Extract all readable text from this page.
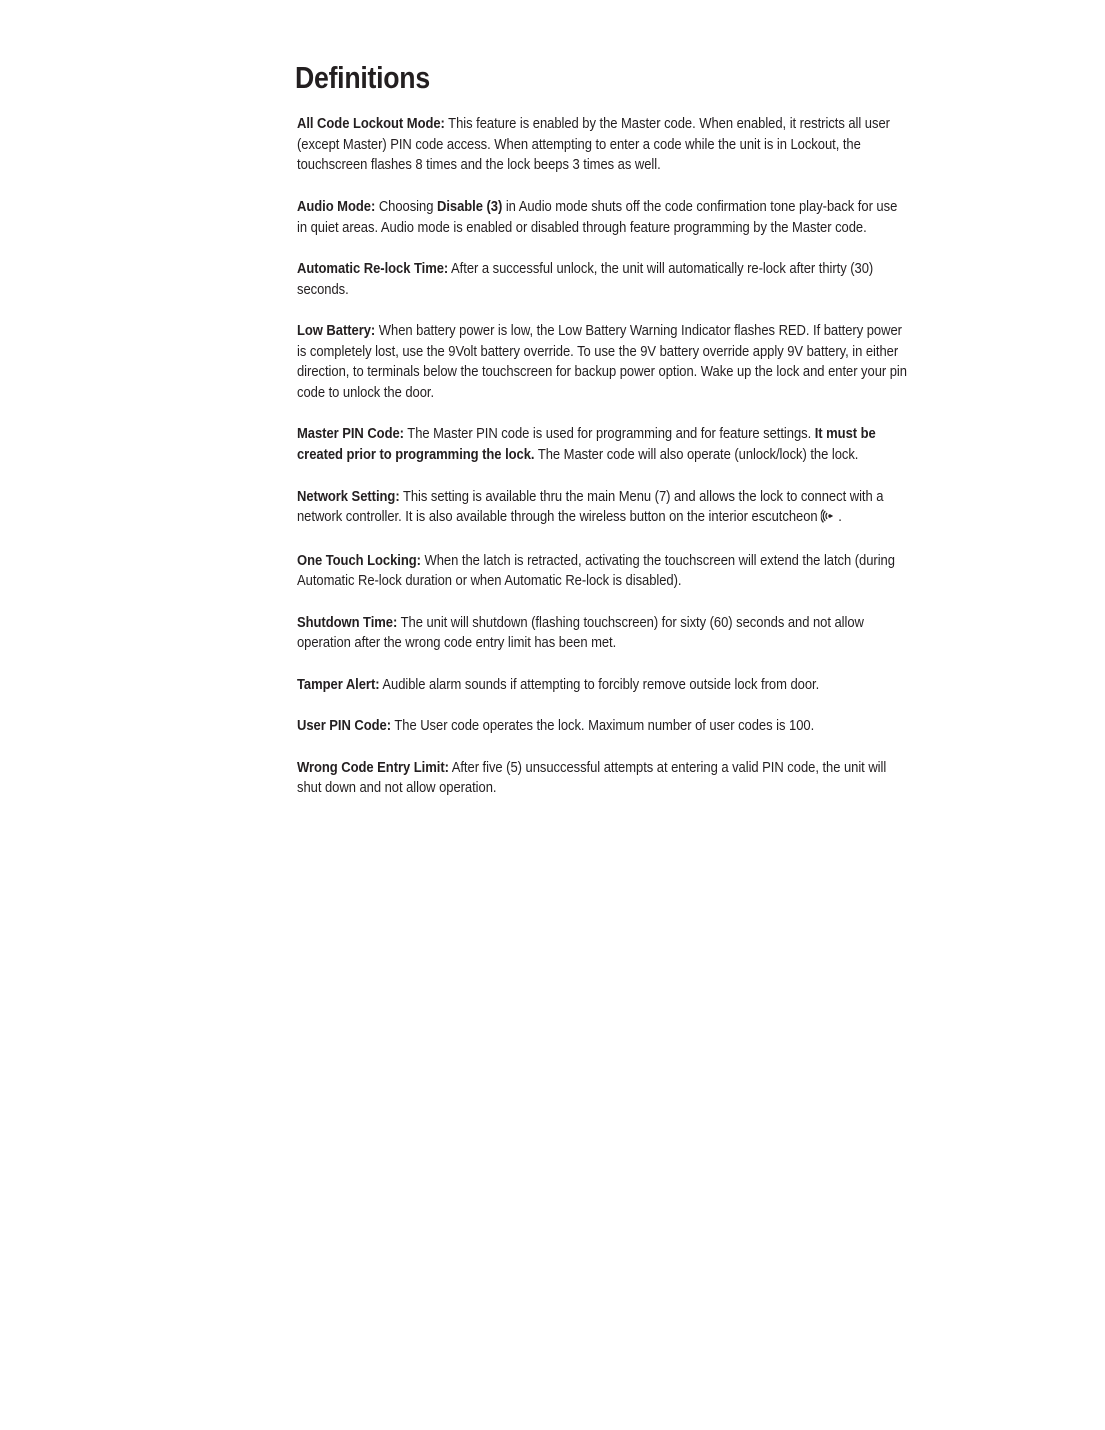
Definitions

All Code Lockout Mode: This feature is enabled by the Master code. When enabled, it restricts all user (except Master) PIN code access. When attempting to enter a code while the unit is in Lockout, the touchscreen flashes 8 times and the lock beeps 3 times as well.

Audio Mode: Choosing Disable (3) in Audio mode shuts off the code confirmation tone play-back for use in quiet areas. Audio mode is enabled or disabled through feature programming by the Master code.

Automatic Re-lock Time: After a successful unlock, the unit will automatically re-lock after thirty (30) seconds.

Low Battery: When battery power is low, the Low Battery Warning Indicator flashes RED. If battery power is completely lost, use the 9Volt battery override. To use the 9V battery override apply 9V battery, in either direction, to terminals below the touchscreen for backup power option. Wake up the lock and enter your pin code to unlock the door.

Master PIN Code: The Master PIN code is used for programming and for feature settings. It must be created prior to programming the lock. The Master code will also operate (unlock/lock) the lock.

Network Setting: This setting is available thru the main Menu (7) and allows the lock to connect with a network controller. It is also available through the wireless button on the interior escutcheon .

One Touch Locking: When the latch is retracted, activating the touchscreen will extend the latch (during Automatic Re-lock duration or when Automatic Re-lock is disabled).

Shutdown Time: The unit will shutdown (flashing touchscreen) for sixty (60) seconds and not allow operation after the wrong code entry limit has been met.

Tamper Alert: Audible alarm sounds if attempting to forcibly remove outside lock from door.

User PIN Code: The User code operates the lock. Maximum number of user codes is 100.

Wrong Code Entry Limit: After five (5) unsuccessful attempts at entering a valid PIN code, the unit will shut down and not allow operation.
